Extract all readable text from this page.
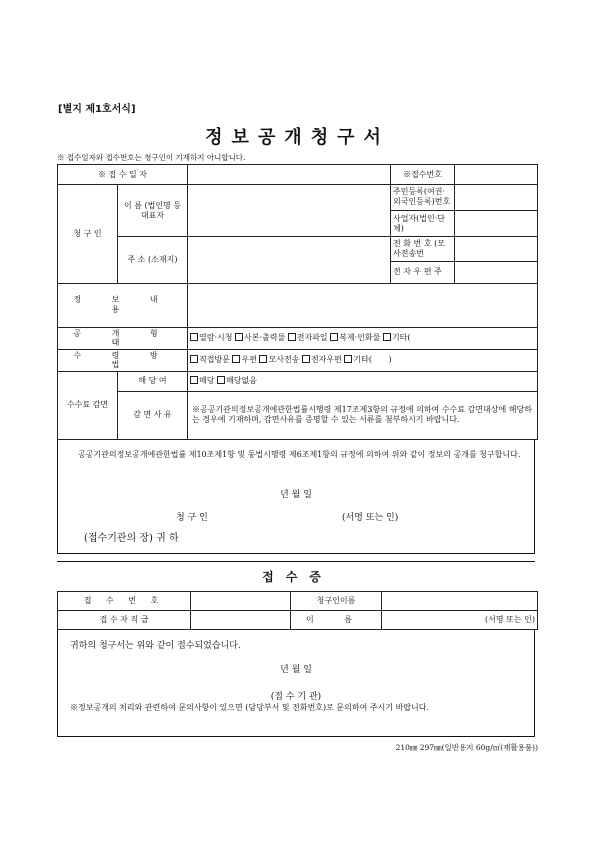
[별지 제1호서식]
정보공개청구서
※ 접수일자와 접수번호는 청구인이 기재하지 아니합니다.
※ 접 수 일 자			※접수번호	
청 구 인	이 름 (법인명 등 대표자		주민등록(여권·외국인등록)번호	
			사업자(법인·단체)	
	주 소 (소재지)		전 화 번 호 (모사전송번	
			전 자 우 편 주	
정 보 내 용				
공 개 형 태		열람·시청 사본·출력물 전자파일 복제·인화물 기타(		
수 령 방 법		직접방문 우편 모사전송 전자우편 기타( )		
수수료 감면	해 당 여	해당 해당없음		
	감 면 사 유	※공공기관의정보공개에관한법률시행령 제17조제3항의 규정에 의하여 수수료 감면대상에 해당하는 경우에 기재하며, 감면사유를 증명할 수 있는 서류를 첨부하시기 바랍니다.		
공공기관의정보공개에관한법률 제10조제1항 및 동법시행령 제6조제1항의 규정에 의하여 위와 같이 정보의 공개를 청구합니다.
년 월 일
청 구 인	(서명 또는 인)
(접수기관의 장) 귀 하
접수증
접 수 번 호		청구인이름	
접 수 자 직 급		이 름	(서명 또는 인)
귀하의 청구서는 위와 같이 접수되었습니다.
년 월 일
(접 수 기 관)
※정보공개의 처리와 관련하여 문의사항이 있으면 (담당부서 및 전화번호)로 문의하여 주시기 바랍니다.
210㎜ 297㎜(일반용지 60g/㎡(재활용품))
